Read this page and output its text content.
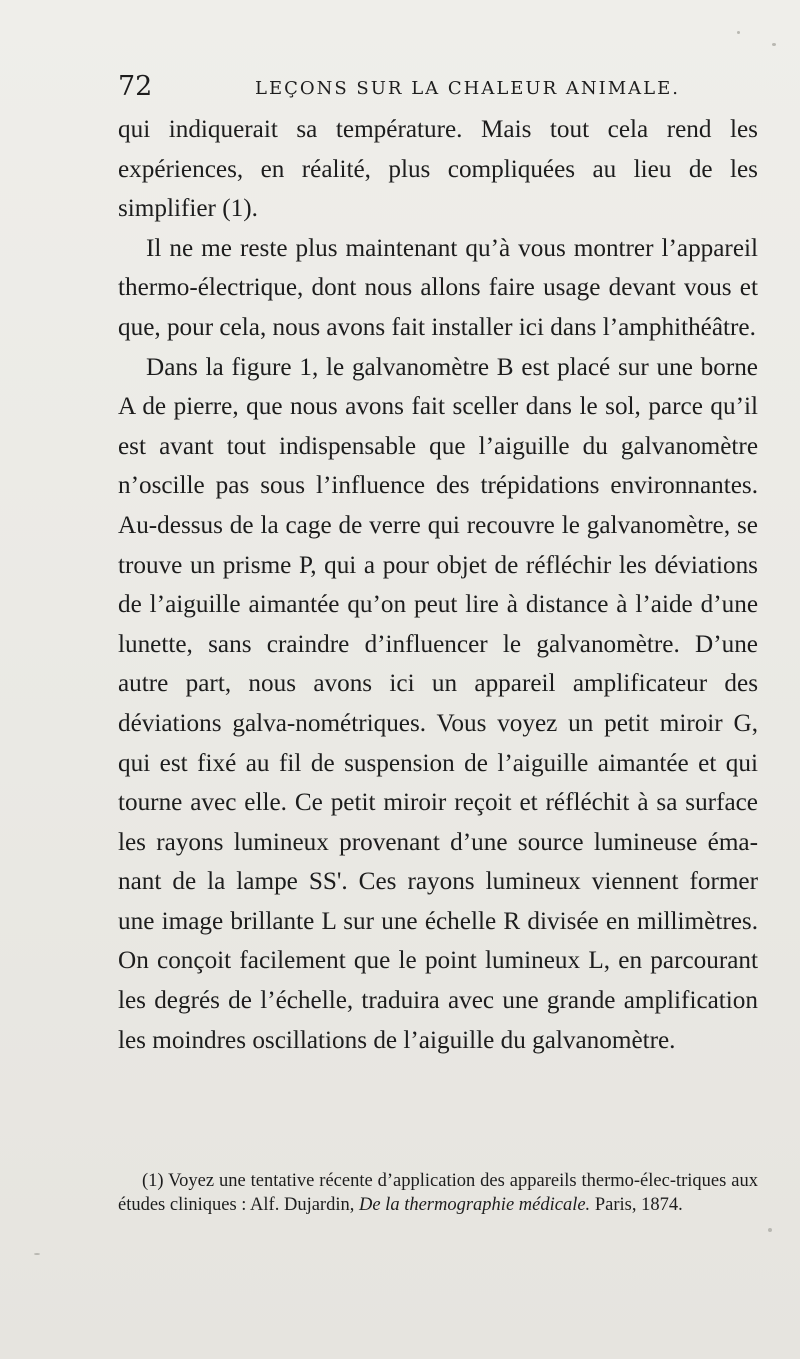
72	LEÇONS SUR LA CHALEUR ANIMALE.

qui indiquerait sa température. Mais tout cela rend les expériences, en réalité, plus compliquées au lieu de les simplifier (1).

Il ne me reste plus maintenant qu’à vous montrer l’appareil thermo-électrique, dont nous allons faire usage devant vous et que, pour cela, nous avons fait installer ici dans l’amphithéâtre.

Dans la figure 1, le galvanomètre B est placé sur une borne A de pierre, que nous avons fait sceller dans le sol, parce qu’il est avant tout indispensable que l’aiguille du galvanomètre n’oscille pas sous l’influence des trépidations environnantes. Au-dessus de la cage de verre qui recouvre le galvanomètre, se trouve un prisme P, qui a pour objet de réfléchir les déviations de l’aiguille aimantée qu’on peut lire à distance à l’aide d’une lunette, sans craindre d’influencer le galvanomètre. D’une autre part, nous avons ici un appareil amplificateur des déviations galva-nométriques. Vous voyez un petit miroir G, qui est fixé au fil de suspension de l’aiguille aimantée et qui tourne avec elle. Ce petit miroir reçoit et réfléchit à sa surface les rayons lumineux provenant d’une source lumineuse éma-nant de la lampe SS'. Ces rayons lumineux viennent former une image brillante L sur une échelle R divisée en millimètres. On conçoit facilement que le point lumineux L, en parcourant les degrés de l’échelle, traduira avec une grande amplification les moindres oscillations de l’aiguille du galvanomètre.

(1) Voyez une tentative récente d’application des appareils thermo-élec-triques aux études cliniques : Alf. Dujardin, De la thermographie médicale. Paris, 1874.
